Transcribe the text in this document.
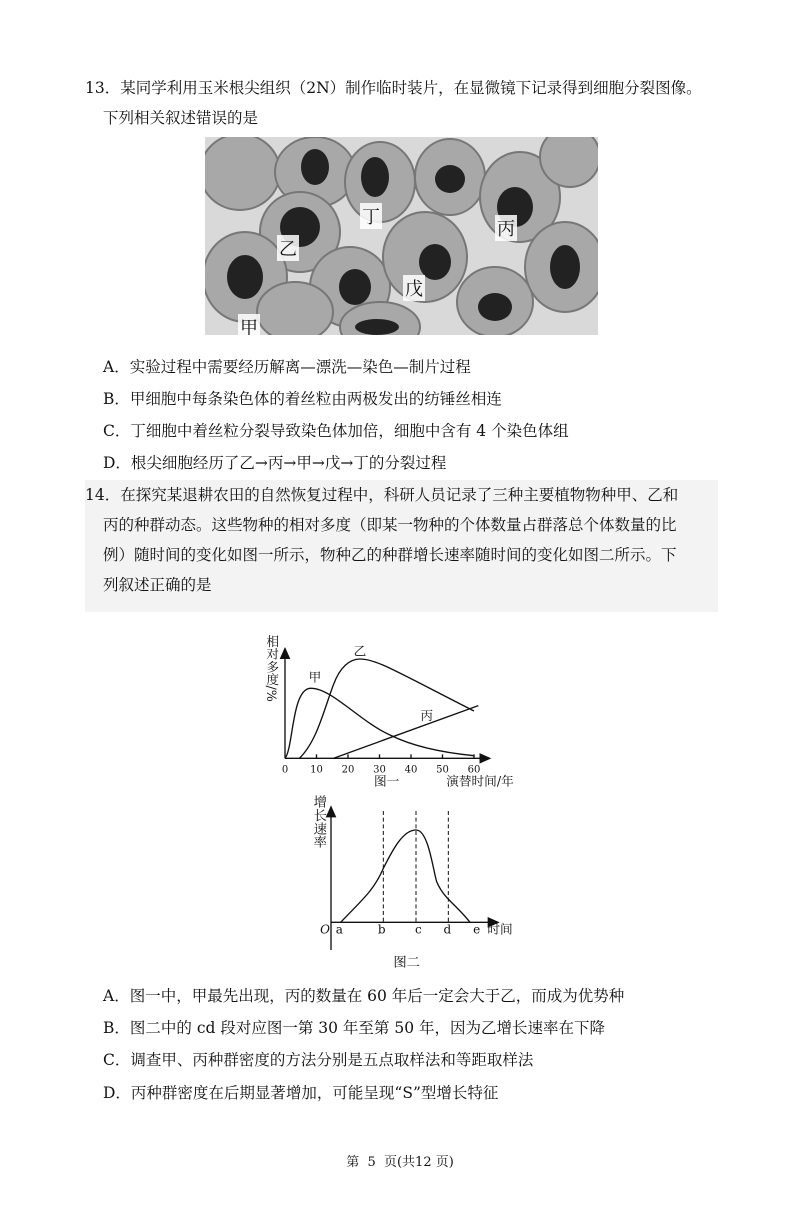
13．某同学利用玉米根尖组织（2N）制作临时装片，在显微镜下记录得到细胞分裂图像。
下列相关叙述错误的是
丁
乙
丙
戊
甲
A．实验过程中需要经历解离—漂洗—染色—制片过程
B．甲细胞中每条染色体的着丝粒由两极发出的纺锤丝相连
C．丁细胞中着丝粒分裂导致染色体加倍，细胞中含有 4 个染色体组
D．根尖细胞经历了乙→丙→甲→戊→丁的分裂过程
14．在探究某退耕农田的自然恢复过程中，科研人员记录了三种主要植物物种甲、乙和
丙的种群动态。这些物种的相对多度（即某一物种的个体数量占群落总个体数量的比
例）随时间的变化如图一所示，物种乙的种群增长速率随时间的变化如图二所示。下
列叙述正确的是
0 10 20 30 40 50 60
图一 演替时间/年
甲
乙
丙
相对多度/%
O a b c d e 时间
图二
增长速率
A．图一中，甲最先出现，丙的数量在 60 年后一定会大于乙，而成为优势种
B．图二中的 cd 段对应图一第 30 年至第 50 年，因为乙增长速率在下降
C．调查甲、丙种群密度的方法分别是五点取样法和等距取样法
D．丙种群密度在后期显著增加，可能呈现“S”型增长特征
第  5  页(共12 页)
